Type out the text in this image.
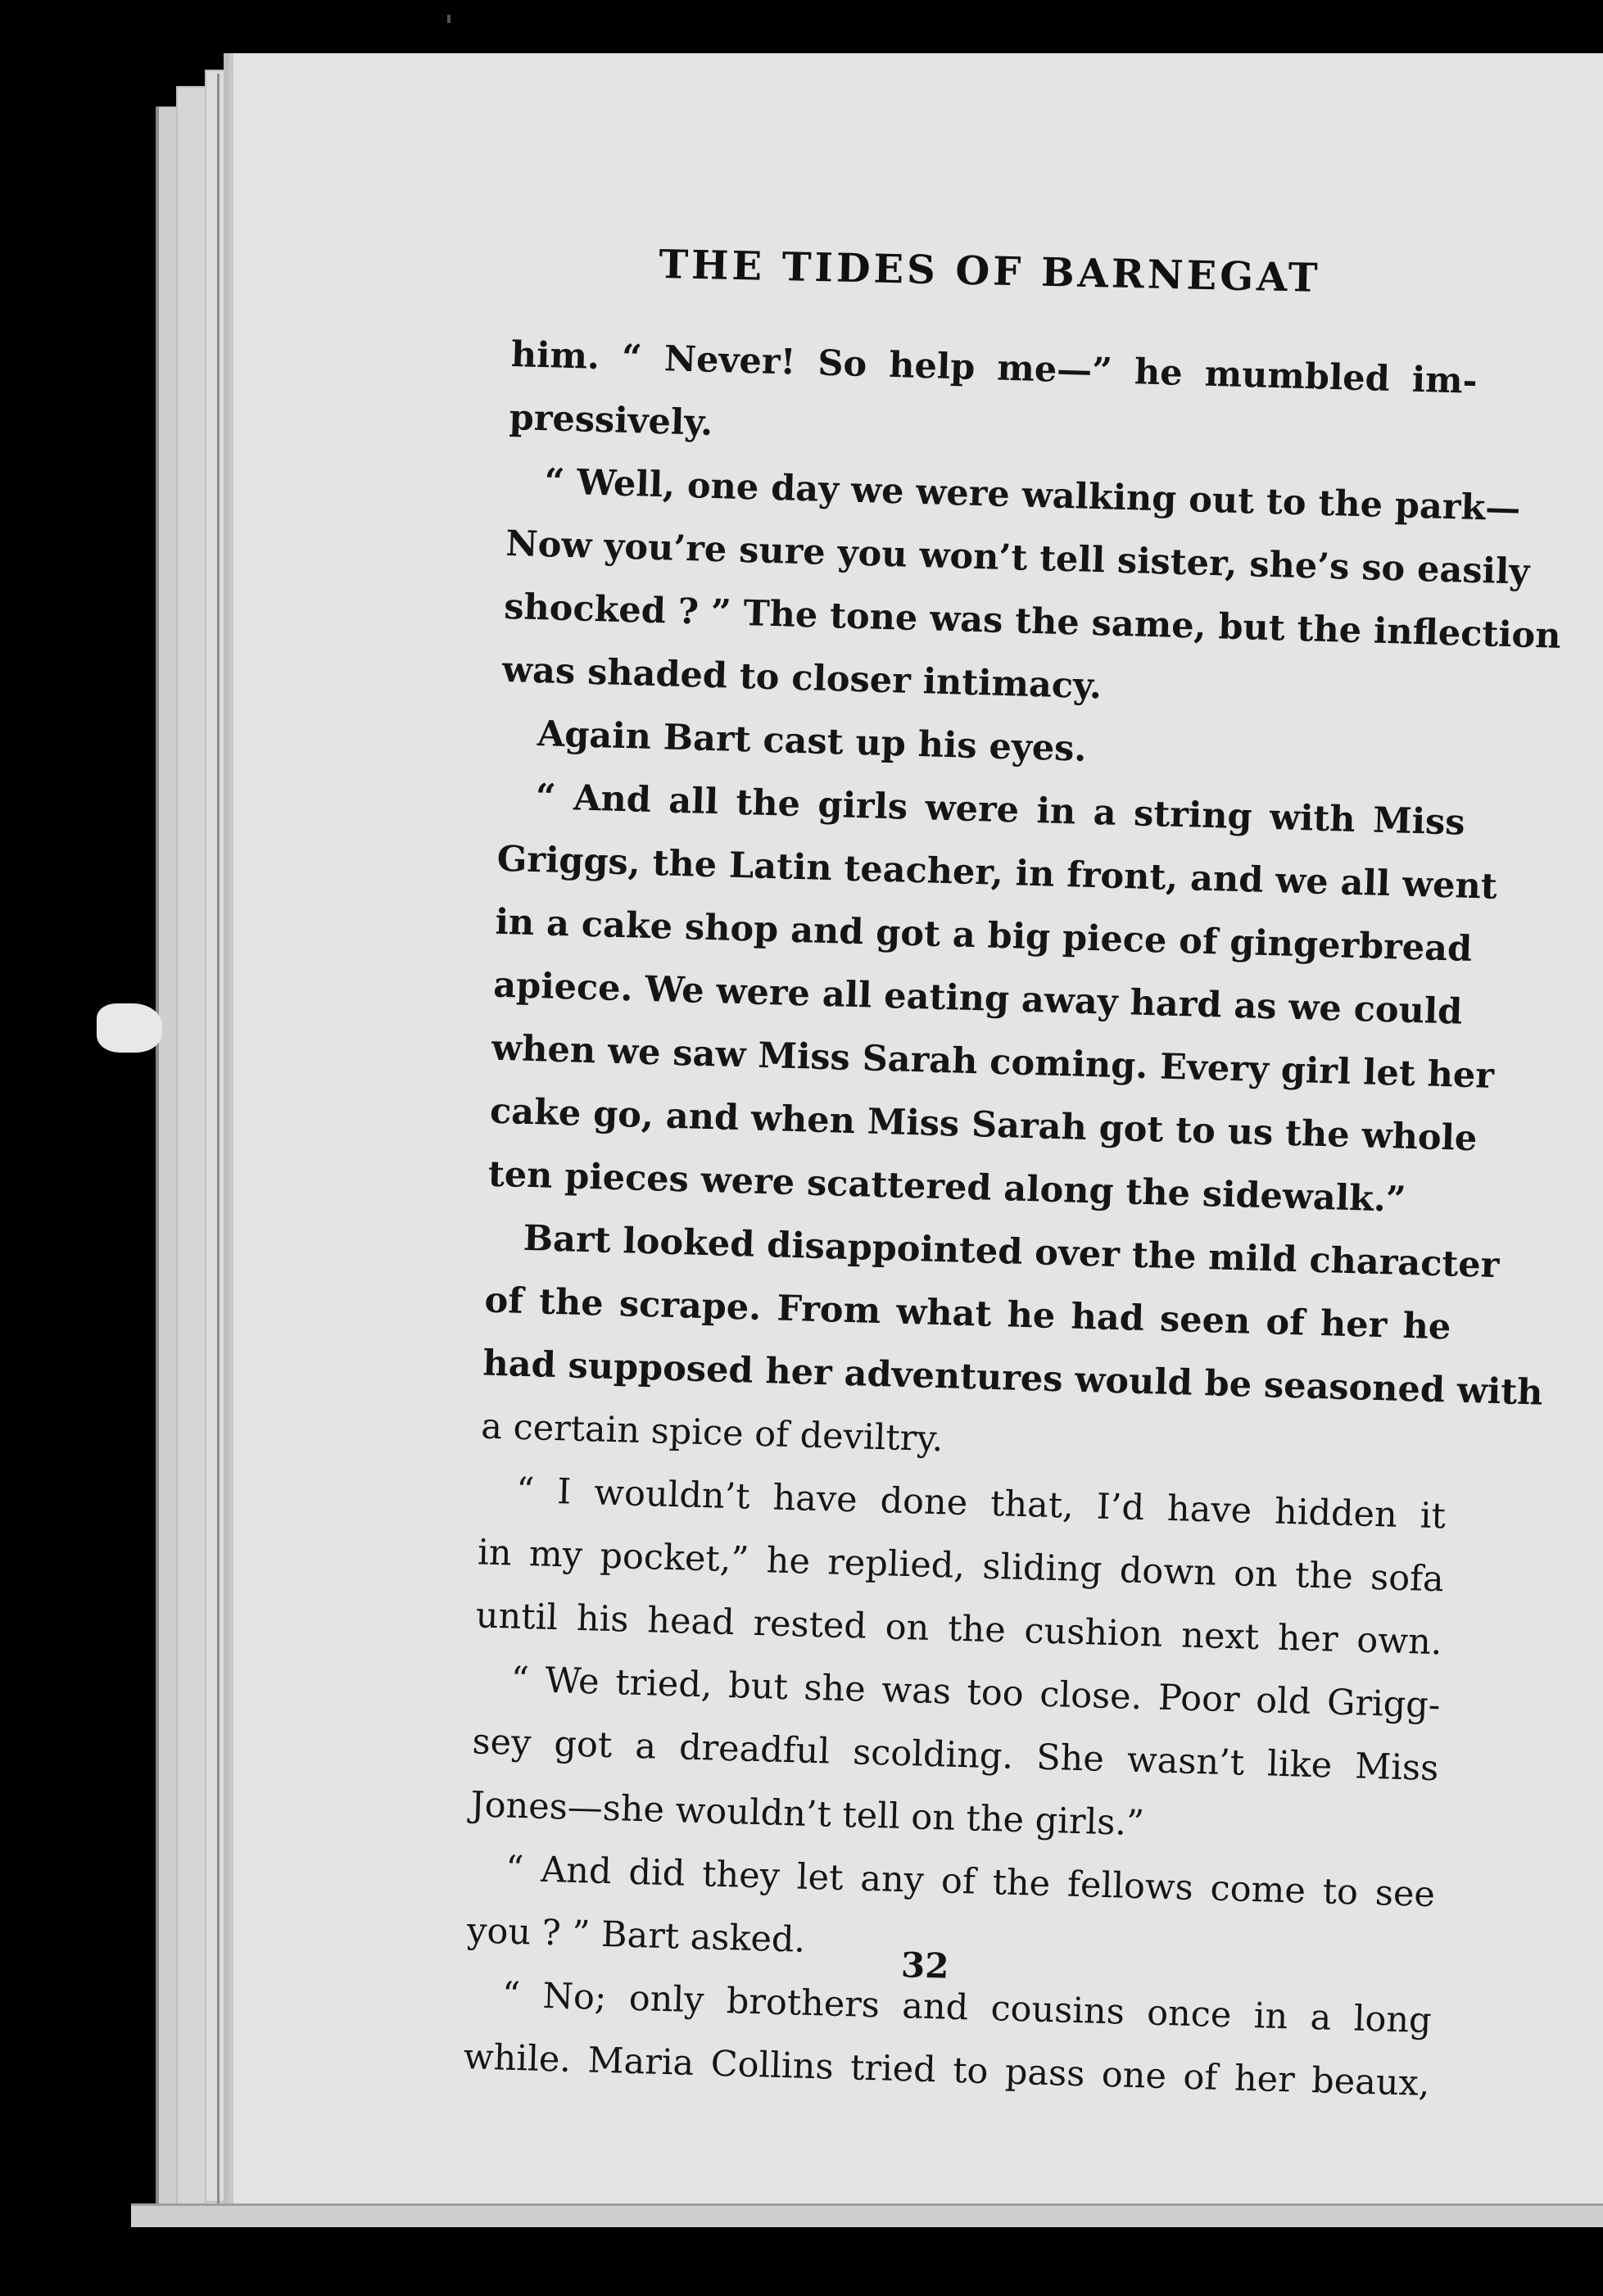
THE TIDES OF BARNEGAT
him. “ Never! So help me—” he mumbled im-
pressively.
“ Well, one day we were walking out to the park—
Now you’re sure you won’t tell sister, she’s so easily
shocked ? ” The tone was the same, but the inflection
was shaded to closer intimacy.
Again Bart cast up his eyes.
“ And all the girls were in a string with Miss
Griggs, the Latin teacher, in front, and we all went
in a cake shop and got a big piece of gingerbread
apiece. We were all eating away hard as we could
when we saw Miss Sarah coming. Every girl let her
cake go, and when Miss Sarah got to us the whole
ten pieces were scattered along the sidewalk.”
Bart looked disappointed over the mild character
of the scrape. From what he had seen of her he
had supposed her adventures would be seasoned with
a certain spice of deviltry.
“ I wouldn’t have done that, I’d have hidden it
in my pocket,” he replied, sliding down on the sofa
until his head rested on the cushion next her own.
“ We tried, but she was too close. Poor old Grigg-
sey got a dreadful scolding. She wasn’t like Miss
Jones—she wouldn’t tell on the girls.”
“ And did they let any of the fellows come to see
you ? ” Bart asked.
“ No; only brothers and cousins once in a long
while. Maria Collins tried to pass one of her beaux,
32
